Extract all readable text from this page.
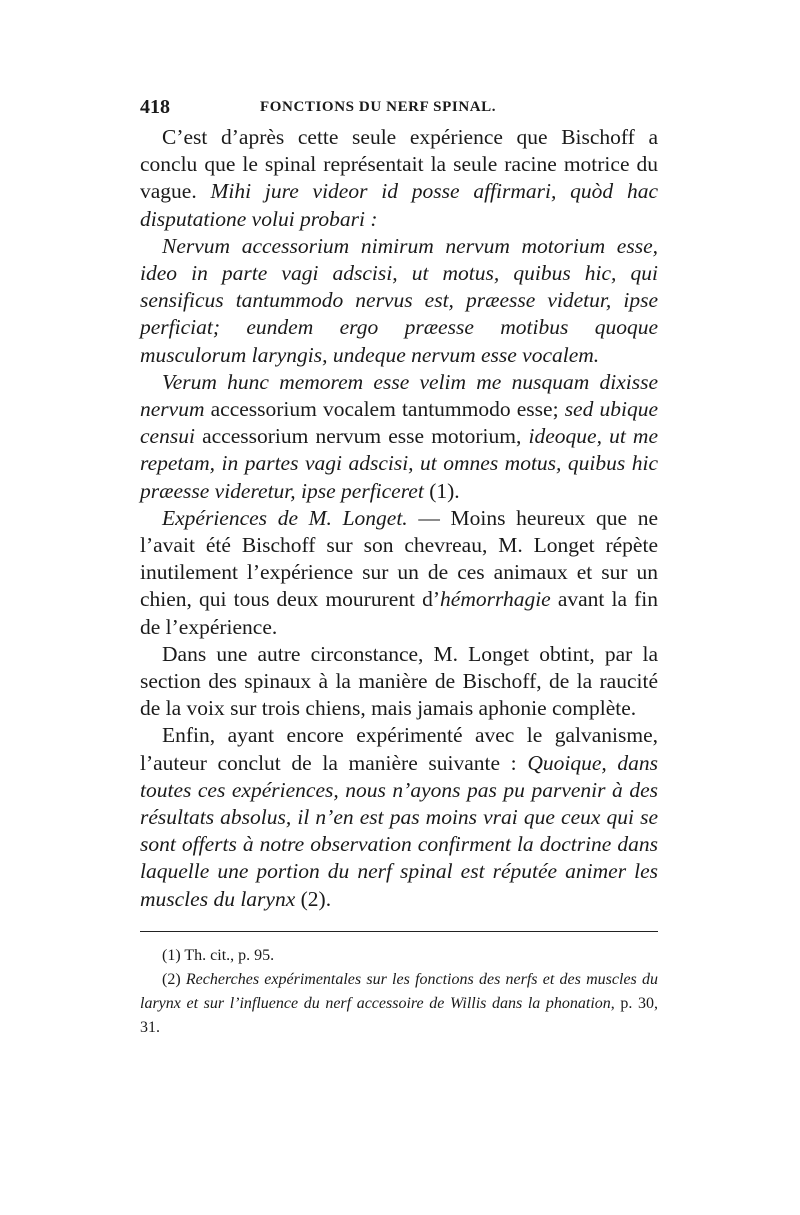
418	FONCTIONS DU NERF SPINAL.

C’est d’après cette seule expérience que Bischoff a conclu que le spinal représentait la seule racine motrice du vague. Mihi jure videor id posse affirmari, quòd hac disputatione volui probari :

Nervum accessorium nimirum nervum motorium esse, ideo in parte vagi adscisi, ut motus, quibus hic, qui sensificus tantummodo nervus est, præesse videtur, ipse perficiat; eundem ergo præesse motibus quoque musculorum laryngis, undeque nervum esse vocalem.

Verum hunc memorem esse velim me nusquam dixisse nervum accessorium vocalem tantummodo esse; sed ubique censui accessorium nervum esse motorium, ideoque, ut me repetam, in partes vagi adscisi, ut omnes motus, quibus hic præesse videretur, ipse perficeret (1).

Expériences de M. Longet. — Moins heureux que ne l’avait été Bischoff sur son chevreau, M. Longet répète inutilement l’expérience sur un de ces animaux et sur un chien, qui tous deux moururent d’hémorrhagie avant la fin de l’expérience.

Dans une autre circonstance, M. Longet obtint, par la section des spinaux à la manière de Bischoff, de la raucité de la voix sur trois chiens, mais jamais aphonie complète.

Enfin, ayant encore expérimenté avec le galvanisme, l’auteur conclut de la manière suivante : Quoique, dans toutes ces expériences, nous n’ayons pas pu parvenir à des résultats absolus, il n’en est pas moins vrai que ceux qui se sont offerts à notre observation confirment la doctrine dans laquelle une portion du nerf spinal est réputée animer les muscles du larynx (2).

(1) Th. cit., p. 95.

(2) Recherches expérimentales sur les fonctions des nerfs et des muscles du larynx et sur l’influence du nerf accessoire de Willis dans la phonation, p. 30, 31.
